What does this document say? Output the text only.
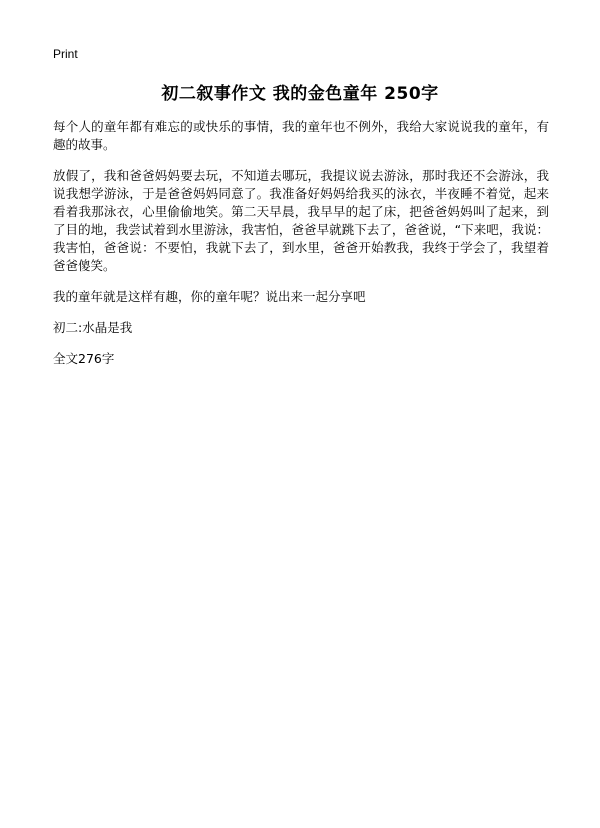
Print
初二叙事作文 我的金色童年 250字

每个人的童年都有难忘的或快乐的事情，我的童年也不例外，我给大家说说我的童年，有趣的故事。

放假了，我和爸爸妈妈要去玩，不知道去哪玩，我提议说去游泳，那时我还不会游泳，我说我想学游泳，于是爸爸妈妈同意了。我准备好妈妈给我买的泳衣，半夜睡不着觉，起来看着我那泳衣，心里偷偷地笑。第二天早晨，我早早的起了床，把爸爸妈妈叫了起来，到了目的地，我尝试着到水里游泳，我害怕，爸爸早就跳下去了，爸爸说，“下来吧，我说：我害怕，爸爸说：不要怕，我就下去了，到水里，爸爸开始教我，我终于学会了，我望着爸爸傻笑。

我的童年就是这样有趣，你的童年呢？说出来一起分享吧

初二:水晶是我

全文276字
